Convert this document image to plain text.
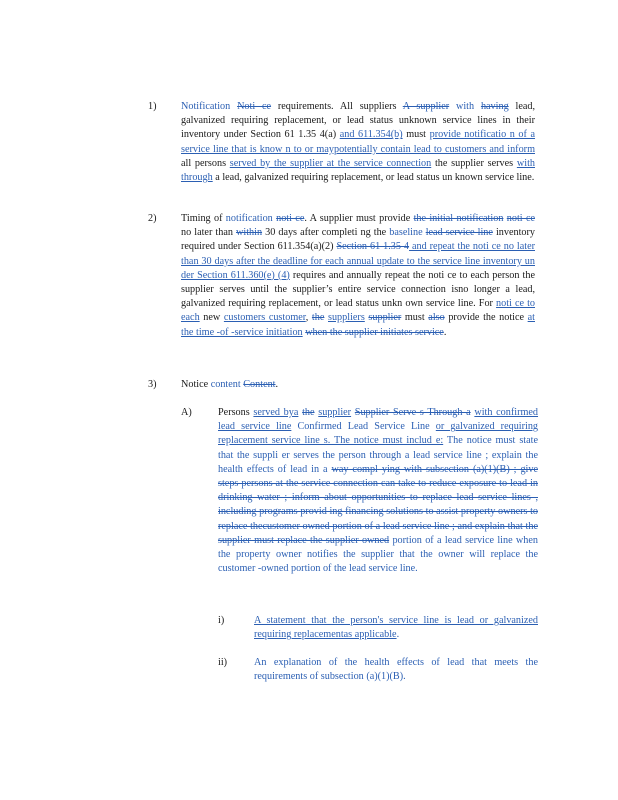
1) Notification Noti ce requirements. All suppliers A supplier with having lead, galvanized requiring replacement, or lead status unknown service lines in their inventory under Section 61 1.35 4(a) and 611.354(b) must provide notificatio n of a service line that is know n to or maypotentially contain lead to customers and inform all persons served by the supplier at the service connection the supplier serves with through a lead, galvanized requiring replacement, or lead status un known service line.
2) Timing of notification noti ce. A supplier must provide the initial notification noti ce no later than within 30 days after completi ng the baseline lead service line inventory required under Section 611.354(a)(2) Section 61 1.35 4 and repeat the noti ce no later than 30 days after the deadline for each annual update to the service line inventory un der Section 611.360(e) (4) requires and annually repeat the noti ce to each person the supplier serves until the supplier’s entire service connection isno longer a lead, galvanized requiring replacement, or lead status unkn own service line. For noti ce to each new customers customer, the suppliers supplier must also provide the notice at the time -of -service initiation when the supplier initiates service.
3) Notice content Content.
A)	Persons served bya the supplier Supplier Serve s Through a with confirmed lead service line Confirmed Lead Service Line or galvanized requiring replacement service line s. The notice must includ e: The notice must state that the suppli er serves the person through a lead service line ; explain the health effects of lead in a way compl ying with subsection (a)(1)(B) ; give steps persons at the service connection can take to reduce exposure to lead in drinking water ; inform about opportunities to replace lead service lines , including programs provid ing financing solutions to assist property owners to replace thecustomer owned portion of a lead service line ; and explain that the supplier must replace the supplier owned portion of a lead service line when the property owner notifies the supplier that the owner will replace the customer -owned portion of the lead service line.
i)	A statement that the person's service line is lead or galvanized requiring replacementas applicable.
ii)	An explanation of the health effects of lead that meets the requirements of subsection (a)(1)(B).
